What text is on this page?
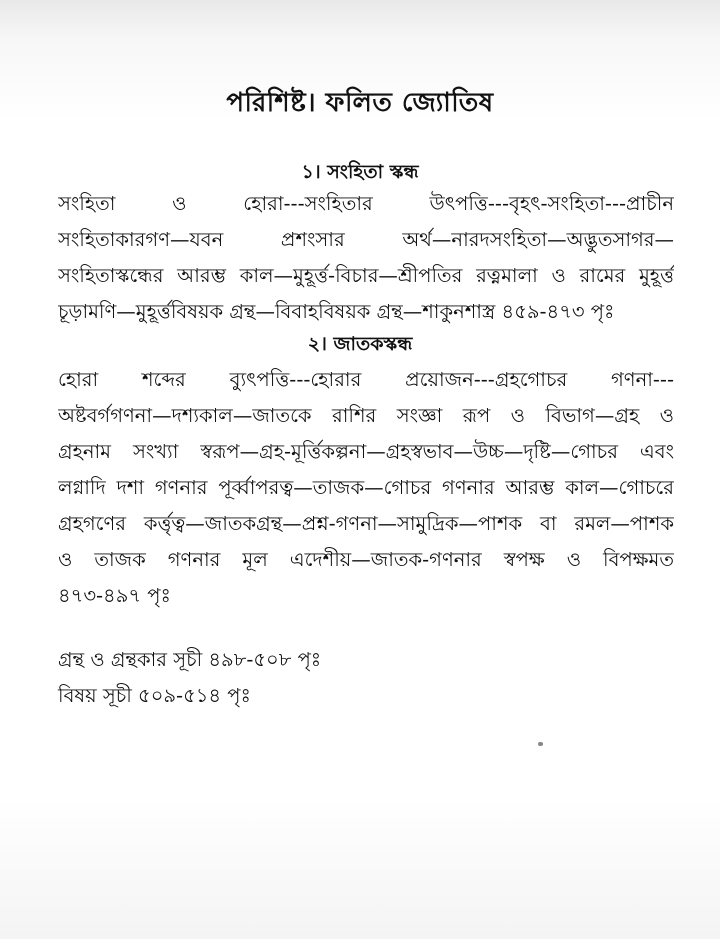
পরিশিষ্ট। ফলিত জ্যোতিষ
১। সংহিতা স্কন্ধ
সংহিতা ও হোরা---সংহিতার উৎপত্তি---বৃহৎ-সংহিতা---প্রাচীন
সংহিতাকারগণ—যবন প্রশংসার অর্থ—নারদসংহিতা—অদ্ভুতসাগর—
সংহিতাস্কন্ধের আরম্ভ কাল—মুহূর্ত্ত-বিচার—শ্রীপতির রত্নমালা ও রামের মুহূর্ত্ত
চূড়ামণি—মুহূর্ত্তবিষয়ক গ্রন্থ—বিবাহবিষয়ক গ্রন্থ—শাকুনশাস্ত্র ৪৫৯-৪৭৩ পৃঃ
২। জাতকস্কন্ধ
হোরা শব্দের ব্যুৎপত্তি---হোরার প্রয়োজন---গ্রহগোচর গণনা---
অষ্টবর্গগণনা—দশ্যকাল—জাতকে রাশির সংজ্ঞা রূপ ও বিভাগ—গ্রহ ও
গ্রহনাম সংখ্যা স্বরূপ—গ্রহ-মূর্ত্তিকল্পনা—গ্রহস্বভাব—উচ্চ—দৃষ্টি—গোচর এবং
লগ্নাদি দশা গণনার পূর্ব্বাপরত্ব—তাজক—গোচর গণনার আরম্ভ কাল—গোচরে
গ্রহগণের কর্ত্তৃত্ব—জাতকগ্রন্থ—প্রশ্ন-গণনা—সামুদ্রিক—পাশক বা রমল—পাশক
ও তাজক গণনার মূল এদেশীয়—জাতক-গণনার স্বপক্ষ ও বিপক্ষমত
৪৭৩-৪৯৭ পৃঃ
গ্রন্থ ও গ্রন্থকার সূচী ৪৯৮-৫০৮ পৃঃ
বিষয় সূচী ৫০৯-৫১৪ পৃঃ
